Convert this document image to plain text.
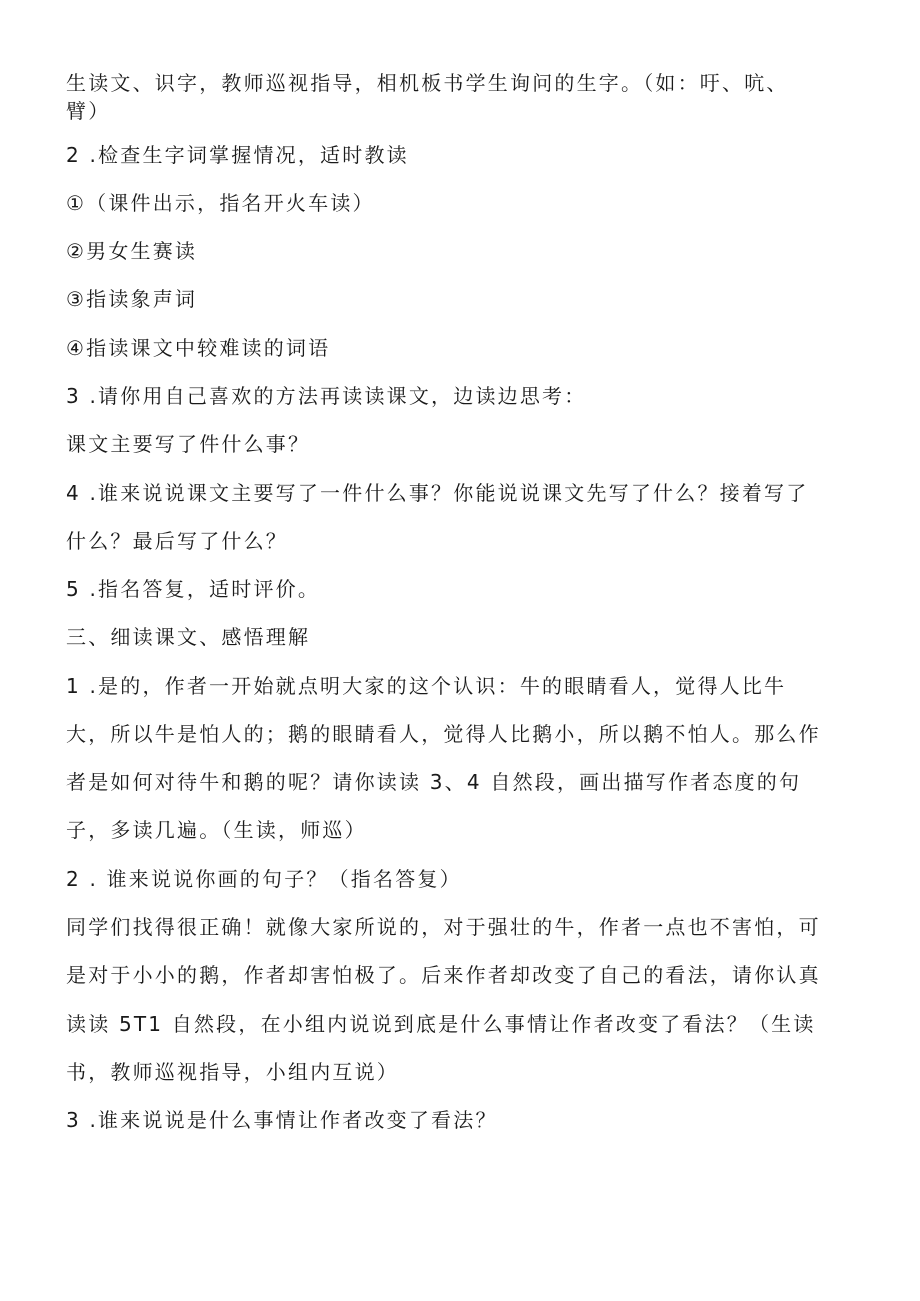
生读文、识字，教师巡视指导，相机板书学生询问的生字。（如：吁、吭、
臂）
2 .检查生字词掌握情况，适时教读
①（课件出示，指名开火车读）
②男女生赛读
③指读象声词
④指读课文中较难读的词语
3 .请你用自己喜欢的方法再读读课文，边读边思考：
课文主要写了件什么事？
4 .谁来说说课文主要写了一件什么事？你能说说课文先写了什么？接着写了
什么？最后写了什么？
5 .指名答复，适时评价。
三、细读课文、感悟理解
1 .是的，作者一开始就点明大家的这个认识：牛的眼睛看人，觉得人比牛
大，所以牛是怕人的；鹅的眼睛看人，觉得人比鹅小，所以鹅不怕人。那么作
者是如何对待牛和鹅的呢？请你读读 3、4 自然段，画出描写作者态度的句
子，多读几遍。（生读，师巡）
2 . 谁来说说你画的句子？（指名答复）
同学们找得很正确！就像大家所说的，对于强壮的牛，作者一点也不害怕，可
是对于小小的鹅，作者却害怕极了。后来作者却改变了自己的看法，请你认真
读读 5T1 自然段，在小组内说说到底是什么事情让作者改变了看法？（生读
书，教师巡视指导，小组内互说）
3 .谁来说说是什么事情让作者改变了看法？
